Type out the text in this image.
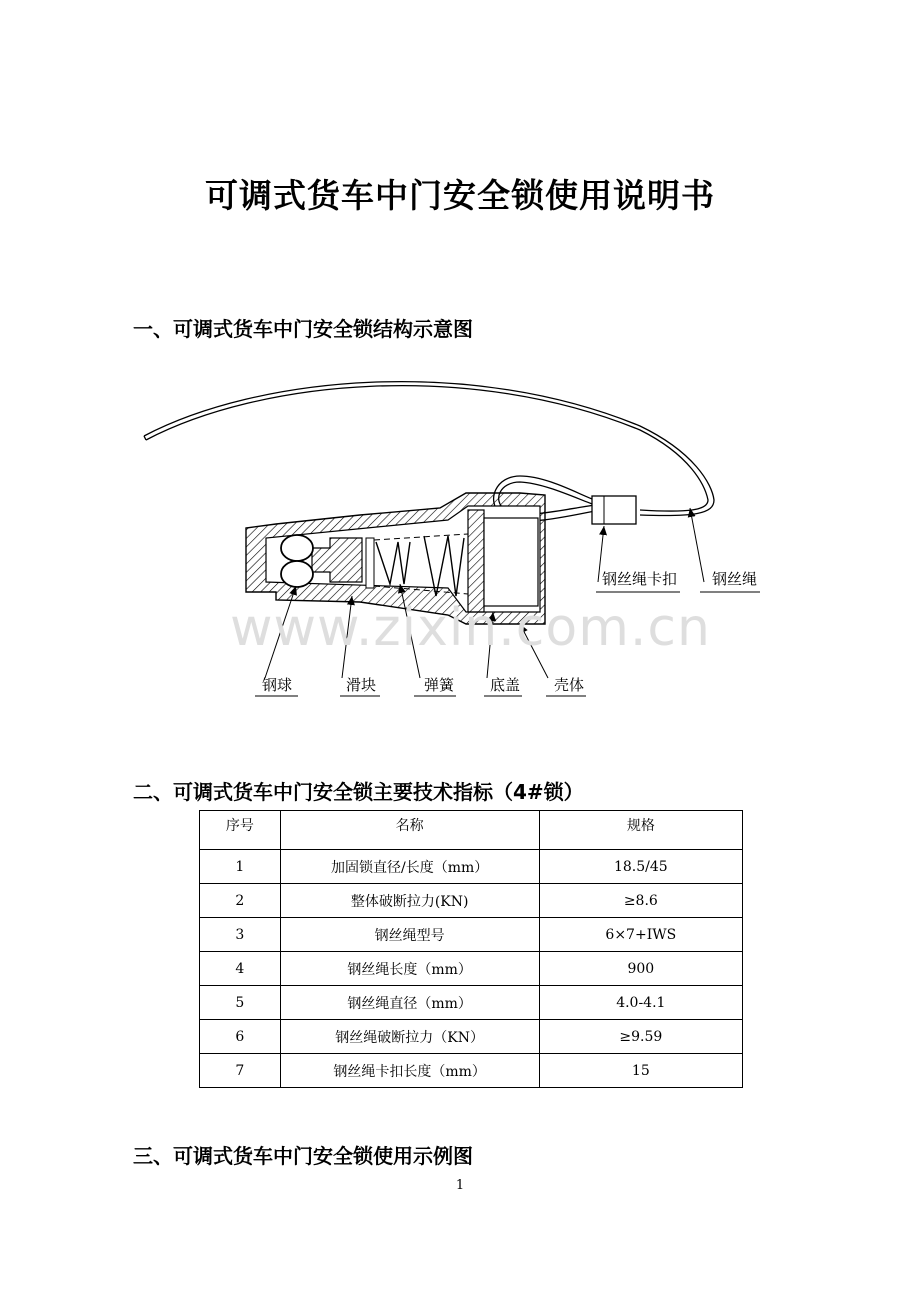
可调式货车中门安全锁使用说明书
一、可调式货车中门安全锁结构示意图
钢球	滑块	弹簧 底盖 壳体
钢丝绳卡扣 钢丝绳
www.zixin.com.cn
二、可调式货车中门安全锁主要技术指标（4#锁）
序号	名称	规格
1	加固锁直径/长度（mm）	18.5/45
2	整体破断拉力(KN)	≥8.6
3	钢丝绳型号	6×7+IWS
4	钢丝绳长度（mm）	900
5	钢丝绳直径（mm）	4.0-4.1
6	钢丝绳破断拉力（KN）	≥9.59
7	钢丝绳卡扣长度（mm）	15
三、可调式货车中门安全锁使用示例图
1
